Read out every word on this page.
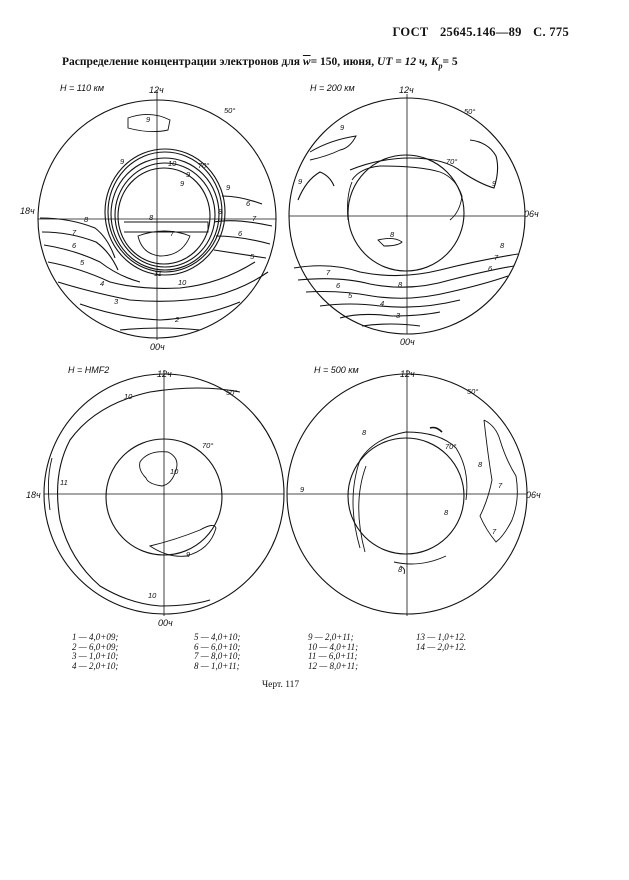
ГОСТ 25645.146—89 С. 775
Распределение концентрации электронов для $\overline{w}= 150$, июня, UT = 12 ч, $K_p= 5$
H = 110 км	12ч
18ч
00ч
50°
70°
9
9	10
9	9
8
7
6
5
4
3
2
8
7
6
5
11
10
6
7
8
9
H = 200 км	12ч
06ч
00ч
50°
70°
9
9	9
8
7
6
5
4
3
8
6
7
8
H = HMF2	12ч
18ч
00ч
50°
70°
10
11
10
9
10
H = 500 км	12ч
06ч
50°
70°
8
9
8
8
7
7
8
1 — 4,0+09;
2 — 6,0+09;
3 — 1,0+10;
4 — 2,0+10;
5 — 4,0+10;
6 — 6,0+10;
7 — 8,0+10;
8 — 1,0+11;
9 — 2,0+11;
10 — 4,0+11;
11 — 6,0+11;
12 — 8,0+11;
13 — 1,0+12.
14 — 2,0+12.
Черт. 117
